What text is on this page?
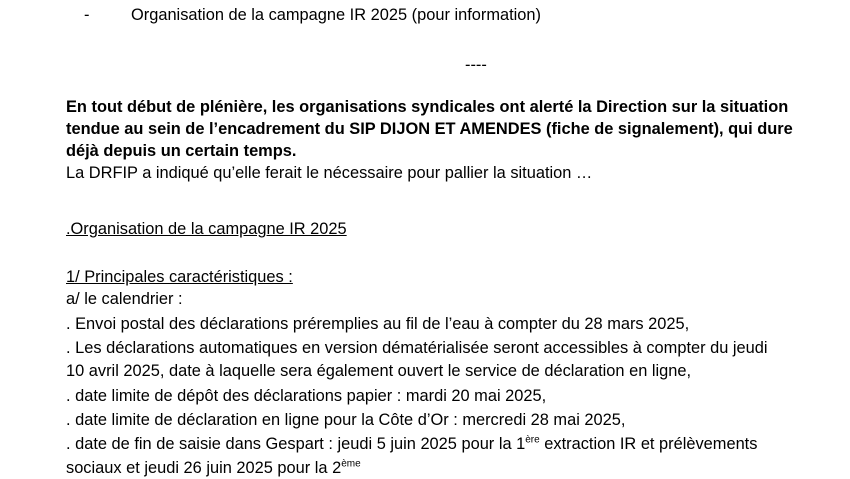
-	Organisation de la campagne IR 2025 (pour information)
----
En tout début de plénière, les organisations syndicales ont alerté la Direction sur la situation
tendue au sein de l’encadrement du SIP DIJON ET AMENDES (fiche de signalement), qui dure
déjà depuis un certain temps.
La DRFIP a indiqué qu’elle ferait le nécessaire pour pallier la situation …
.Organisation de la campagne IR 2025
1/ Principales caractéristiques :
a/ le calendrier :
. Envoi postal des déclarations préremplies au fil de l’eau à compter du 28 mars 2025,
. Les déclarations automatiques en version dématérialisée seront accessibles à compter du jeudi
10 avril 2025, date à laquelle sera également ouvert le service de déclaration en ligne,
. date limite de dépôt des déclarations papier : mardi 20 mai 2025,
. date limite de déclaration en ligne pour la Côte d’Or : mercredi 28 mai 2025,
. date de fin de saisie dans Gespart : jeudi 5 juin 2025 pour la 1ère extraction IR et prélèvements
sociaux et jeudi 26 juin 2025 pour la 2ème
